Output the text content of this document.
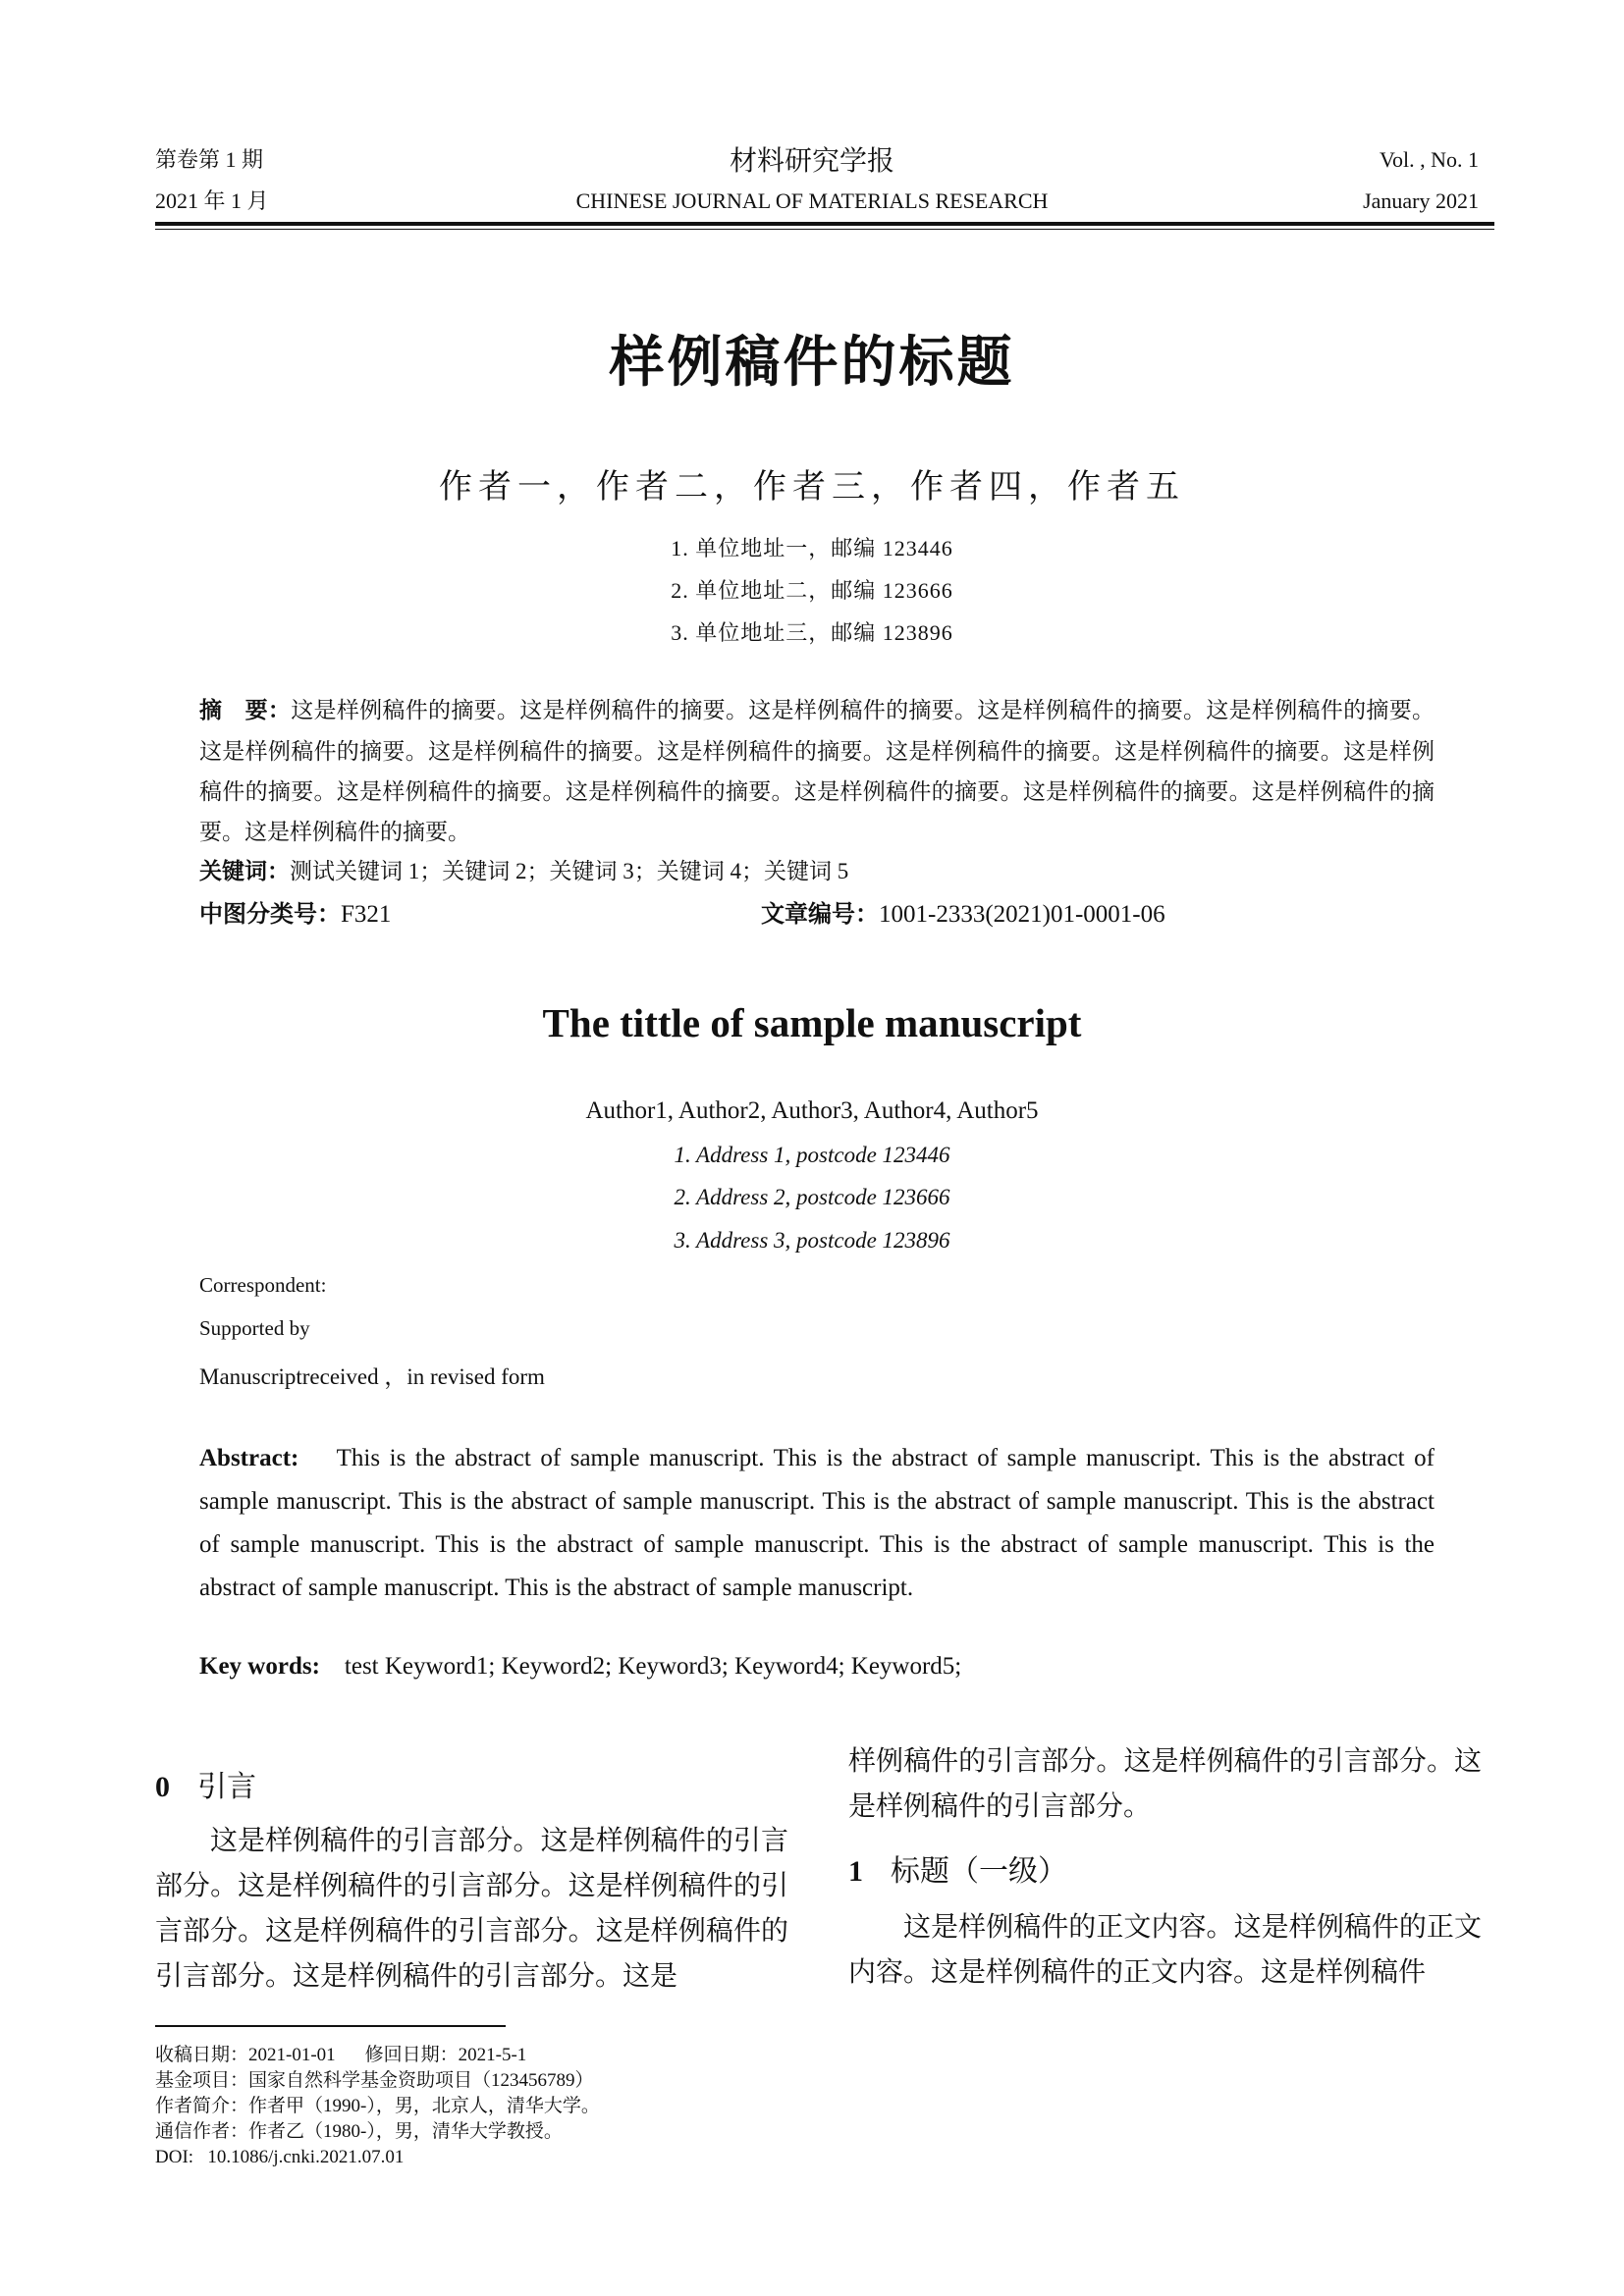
第卷第 1 期
2021 年 1 月
材料研究学报
CHINESE JOURNAL OF MATERIALS RESEARCH
Vol. , No. 1
January 2021
样例稿件的标题
作者一，作者二，作者三，作者四，作者五
1. 单位地址一，邮编 123446
2. 单位地址二，邮编 123666
3. 单位地址三，邮编 123896
摘　要：这是样例稿件的摘要。这是样例稿件的摘要。这是样例稿件的摘要。这是样例稿件的摘要。这是样例稿件的摘要。这是样例稿件的摘要。这是样例稿件的摘要。这是样例稿件的摘要。这是样例稿件的摘要。这是样例稿件的摘要。这是样例稿件的摘要。这是样例稿件的摘要。这是样例稿件的摘要。这是样例稿件的摘要。这是样例稿件的摘要。这是样例稿件的摘要。这是样例稿件的摘要。
关键词：测试关键词 1；关键词 2；关键词 3；关键词 4；关键词 5
中图分类号：F321	文章编号：1001-2333(2021)01-0001-06
The tittle of sample manuscript
Author1, Author2, Author3, Author4, Author5
1. Address 1, postcode 123446
2. Address 2, postcode 123666
3. Address 3, postcode 123896
Correspondent:
Supported by
Manuscriptreceived ，in revised form
Abstract: This is the abstract of sample manuscript. This is the abstract of sample manuscript. This is the abstract of sample manuscript. This is the abstract of sample manuscript. This is the abstract of sample manuscript. This is the abstract of sample manuscript. This is the abstract of sample manuscript. This is the abstract of sample manuscript. This is the abstract of sample manuscript. This is the abstract of sample manuscript.
Key words: test Keyword1; Keyword2; Keyword3; Keyword4; Keyword5;
0 引言
这是样例稿件的引言部分。这是样例稿件的引言部分。这是样例稿件的引言部分。这是样例稿件的引言部分。这是样例稿件的引言部分。这是样例稿件的引言部分。这是样例稿件的引言部分。这是
样例稿件的引言部分。这是样例稿件的引言部分。这是样例稿件的引言部分。
1 标题（一级）
这是样例稿件的正文内容。这是样例稿件的正文内容。这是样例稿件的正文内容。这是样例稿件
收稿日期：2021-01-01 修回日期：2021-5-1
基金项目：国家自然科学基金资助项目（123456789）
作者简介：作者甲（1990-），男，北京人，清华大学。
通信作者：作者乙（1980-），男，清华大学教授。
DOI: 10.1086/j.cnki.2021.07.01
